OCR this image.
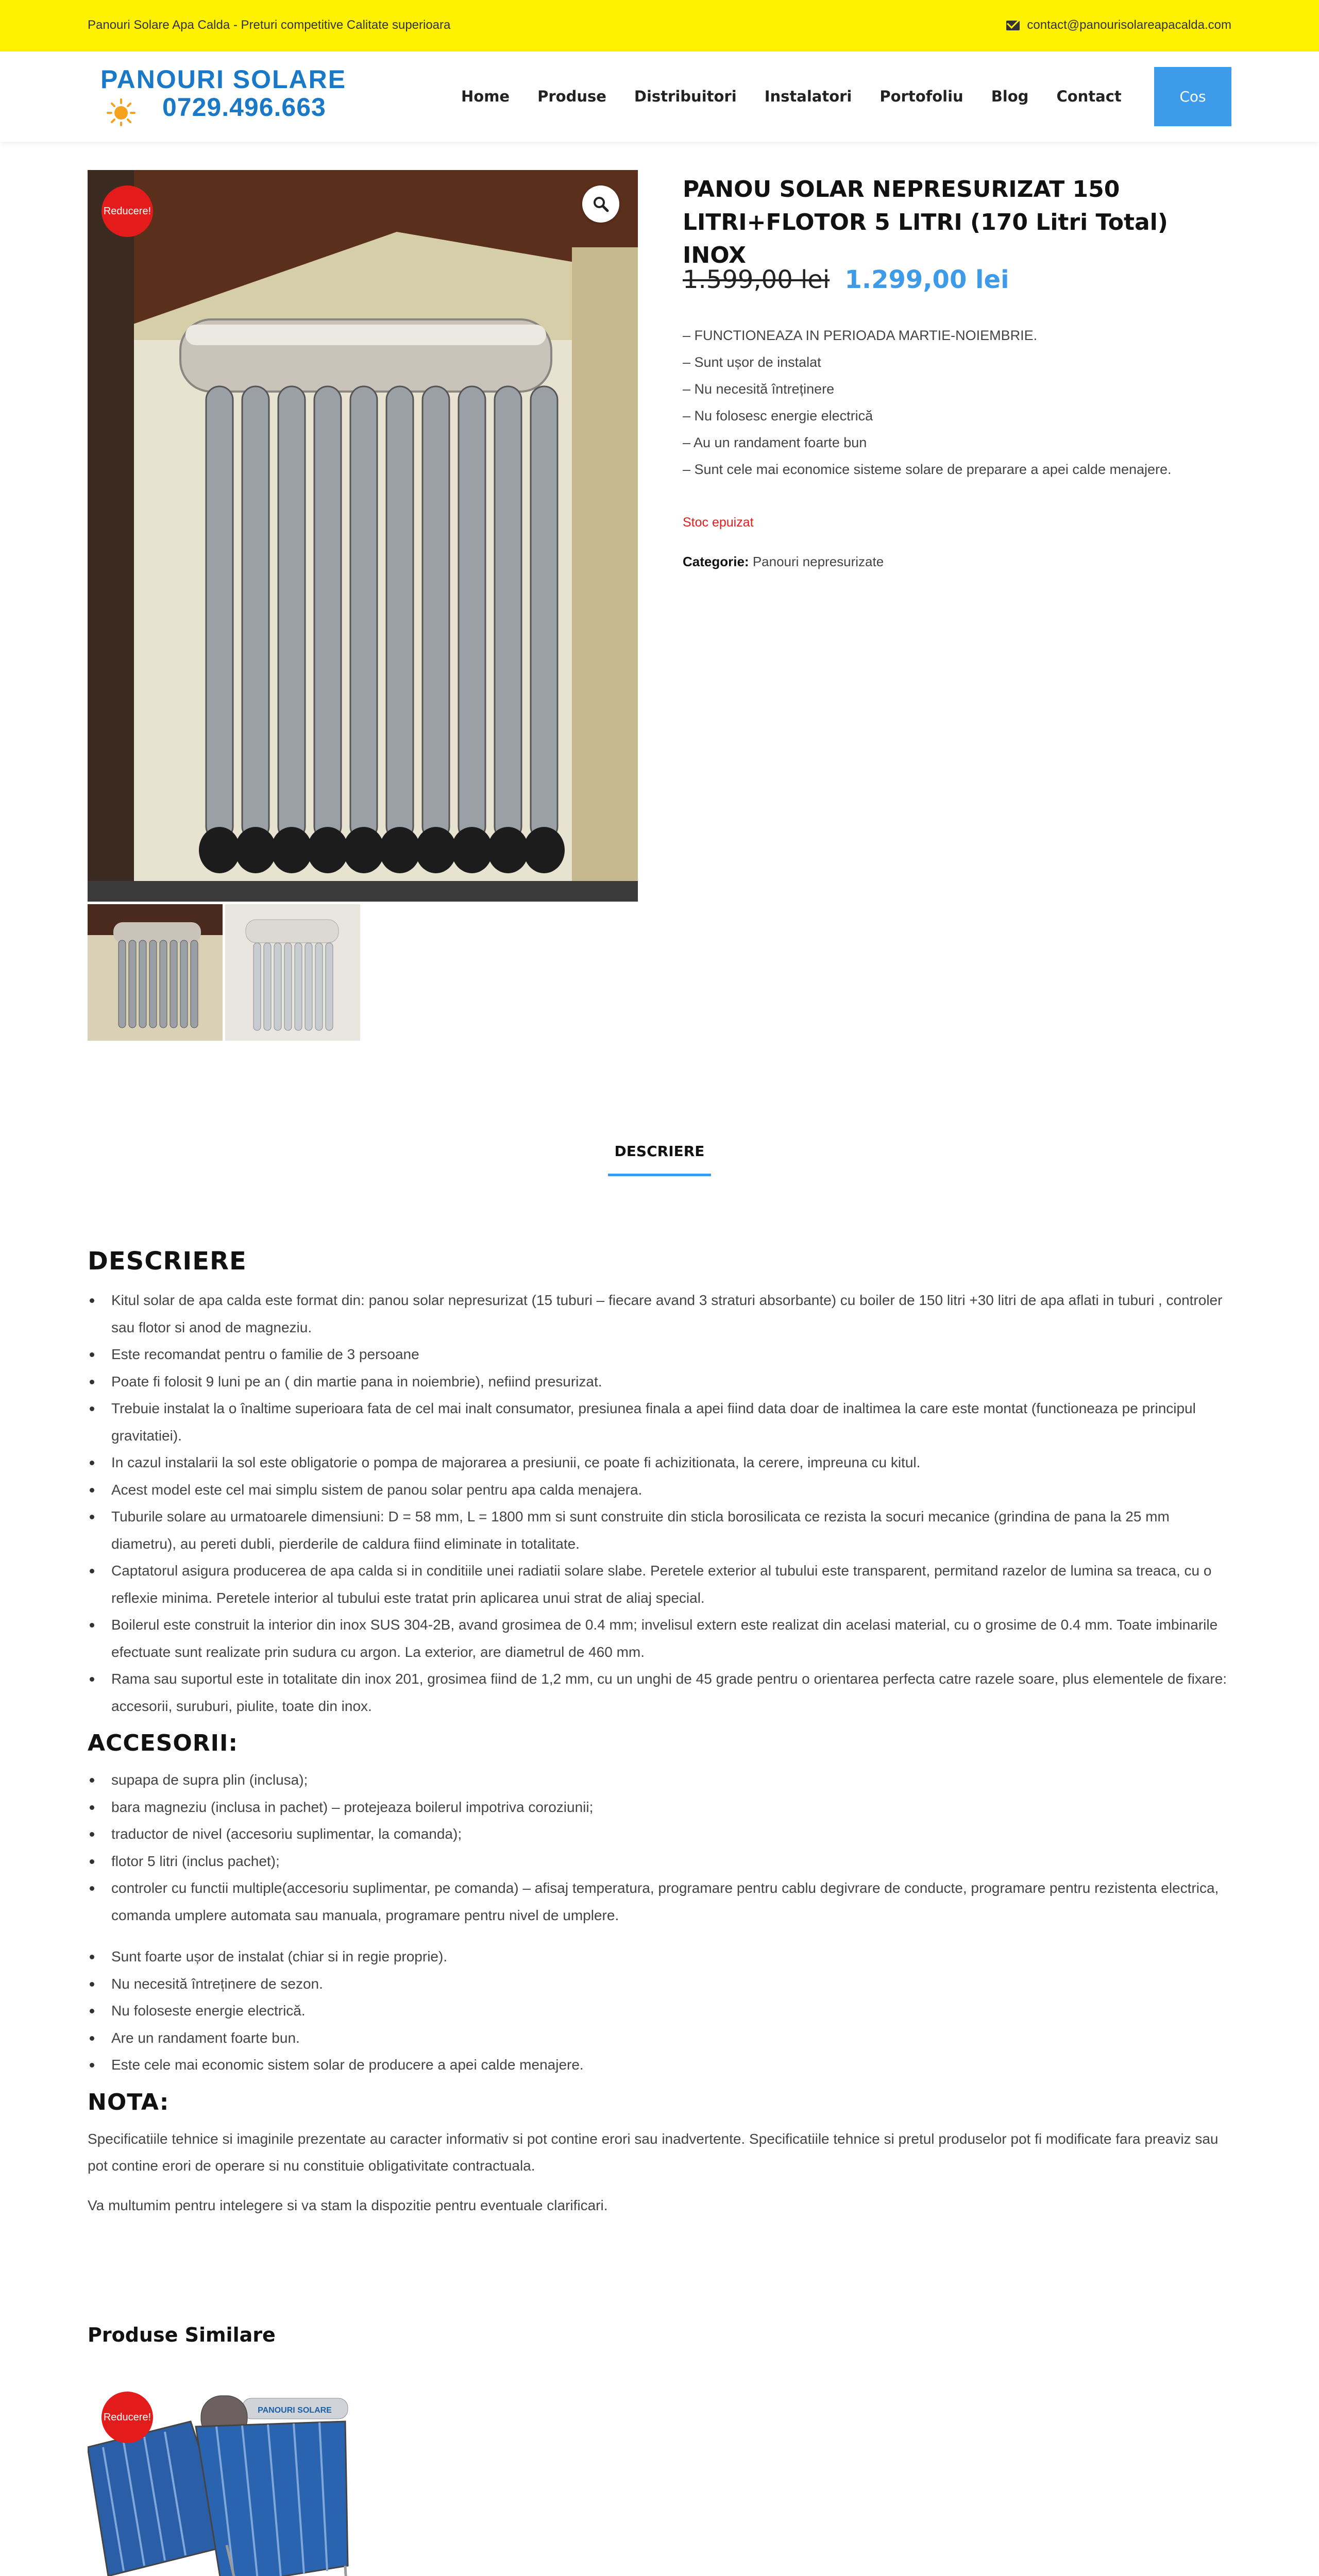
Panouri Solare Apa Calda - Preturi competitive Calitate superioara	contact@panourisolareapacalda.com
PANOURI SOLARE
0729.496.663	Home Produse Distribuitori Instalatori Portofoliu Blog Contact	Cos
Reducere!
PANOU SOLAR NEPRESURIZAT 150 LITRI+FLOTOR 5 LITRI (170 Litri Total) INOX
1.599,00 lei 1.299,00 lei
– FUNCTIONEAZA IN PERIOADA MARTIE-NOIEMBRIE.
– Sunt ușor de instalat
– Nu necesită întreținere
– Nu folosesc energie electrică
– Au un randament foarte bun
– Sunt cele mai economice sisteme solare de preparare a apei calde menajere.
Stoc epuizat
Categorie: Panouri nepresurizate
DESCRIERE
DESCRIERE
Kitul solar de apa calda este format din: panou solar nepresurizat (15 tuburi – fiecare avand 3 straturi absorbante) cu boiler de 150 litri +30 litri de apa aflati in tuburi , controler sau flotor si anod de magneziu.
Este recomandat pentru o familie de 3 persoane
Poate fi folosit 9 luni pe an ( din martie pana in noiembrie), nefiind presurizat.
Trebuie instalat la o înaltime superioara fata de cel mai inalt consumator, presiunea finala a apei fiind data doar de inaltimea la care este montat (functioneaza pe principul gravitatiei).
In cazul instalarii la sol este obligatorie o pompa de majorarea a presiunii, ce poate fi achizitionata, la cerere, impreuna cu kitul.
Acest model este cel mai simplu sistem de panou solar pentru apa calda menajera.
Tuburile solare au urmatoarele dimensiuni: D = 58 mm, L = 1800 mm si sunt construite din sticla borosilicata ce rezista la socuri mecanice (grindina de pana la 25 mm diametru), au pereti dubli, pierderile de caldura fiind eliminate in totalitate.
Captatorul asigura producerea de apa calda si in conditiile unei radiatii solare slabe. Peretele exterior al tubului este transparent, permitand razelor de lumina sa treaca, cu o reflexie minima. Peretele interior al tubului este tratat prin aplicarea unui strat de aliaj special.
Boilerul este construit la interior din inox SUS 304-2B, avand grosimea de 0.4 mm; invelisul extern este realizat din acelasi material, cu o grosime de 0.4 mm. Toate imbinarile efectuate sunt realizate prin sudura cu argon. La exterior, are diametrul de 460 mm.
Rama sau suportul este in totalitate din inox 201, grosimea fiind de 1,2 mm, cu un unghi de 45 grade pentru o orientarea perfecta catre razele soare, plus elementele de fixare: accesorii, suruburi, piulite, toate din inox.
ACCESORII:
supapa de supra plin (inclusa);
bara magneziu (inclusa in pachet) – protejeaza boilerul impotriva coroziunii;
traductor de nivel (accesoriu suplimentar, la comanda);
flotor 5 litri (inclus pachet);
controler cu functii multiple(accesoriu suplimentar, pe comanda) – afisaj temperatura, programare pentru cablu degivrare de conducte, programare pentru rezistenta electrica, comanda umplere automata sau manuala, programare pentru nivel de umplere.
Sunt foarte ușor de instalat (chiar si in regie proprie).
Nu necesită întreținere de sezon.
Nu foloseste energie electrică.
Are un randament foarte bun.
Este cele mai economic sistem solar de producere a apei calde menajere.
NOTA:

Specificatiile tehnice si imaginile prezentate au caracter informativ si pot contine erori sau inadvertente. Specificatiile tehnice si pretul produselor pot fi modificate fara preaviz sau pot contine erori de operare si nu constituie obligativitate contractuala.

Va multumim pentru intelegere si va stam la dispozitie pentru eventuale clarificari.

Produse Similare
PANOURI SOLARE
Reducere!
